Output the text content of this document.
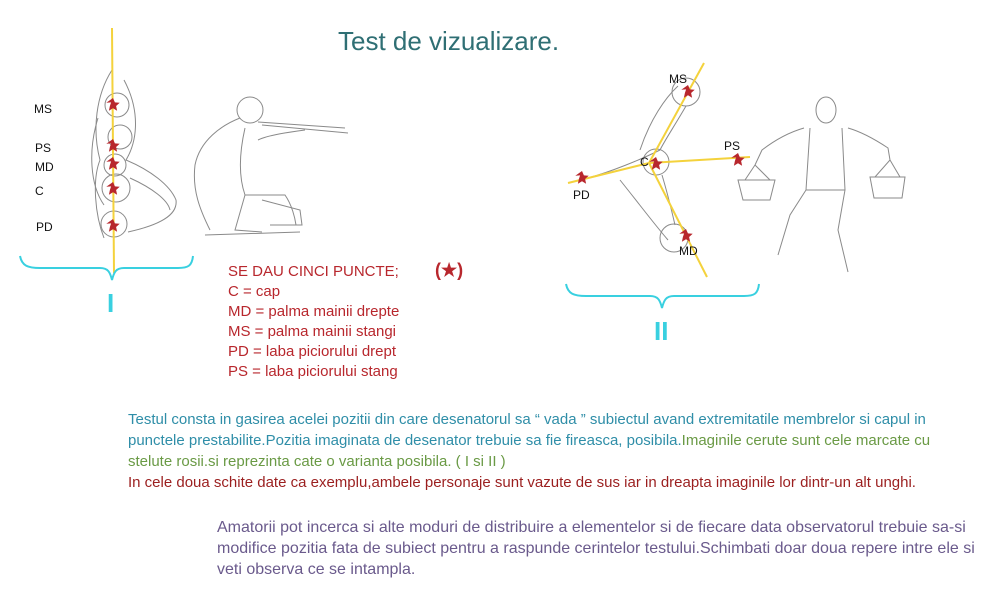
Test de vizualizare.
MS
PS
MD
C
PD
I
MS
PS
C
PD
MD
II
SE DAU CINCI PUNCTE; (★)
C = cap
MD = palma mainii drepte
MS = palma mainii stangi
PD = laba piciorului drept
PS = laba piciorului stang
Testul consta in gasirea acelei pozitii din care desenatorul sa “ vada ” subiectul avand extremitatile membrelor si capul in punctele prestabilite.Pozitia imaginata de desenator trebuie sa fie fireasca, posibila.Imaginile cerute sunt cele marcate cu stelute rosii.si reprezinta cate o varianta posibila. ( I si II )
In cele doua schite date ca exemplu,ambele personaje sunt vazute de sus iar in dreapta imaginile lor dintr-un alt unghi.
Amatorii pot incerca si alte moduri de distribuire a elementelor si de fiecare data observatorul trebuie sa-si modifice pozitia fata de subiect pentru a raspunde cerintelor testului.Schimbati doar doua repere intre ele si veti observa ce se intampla.
